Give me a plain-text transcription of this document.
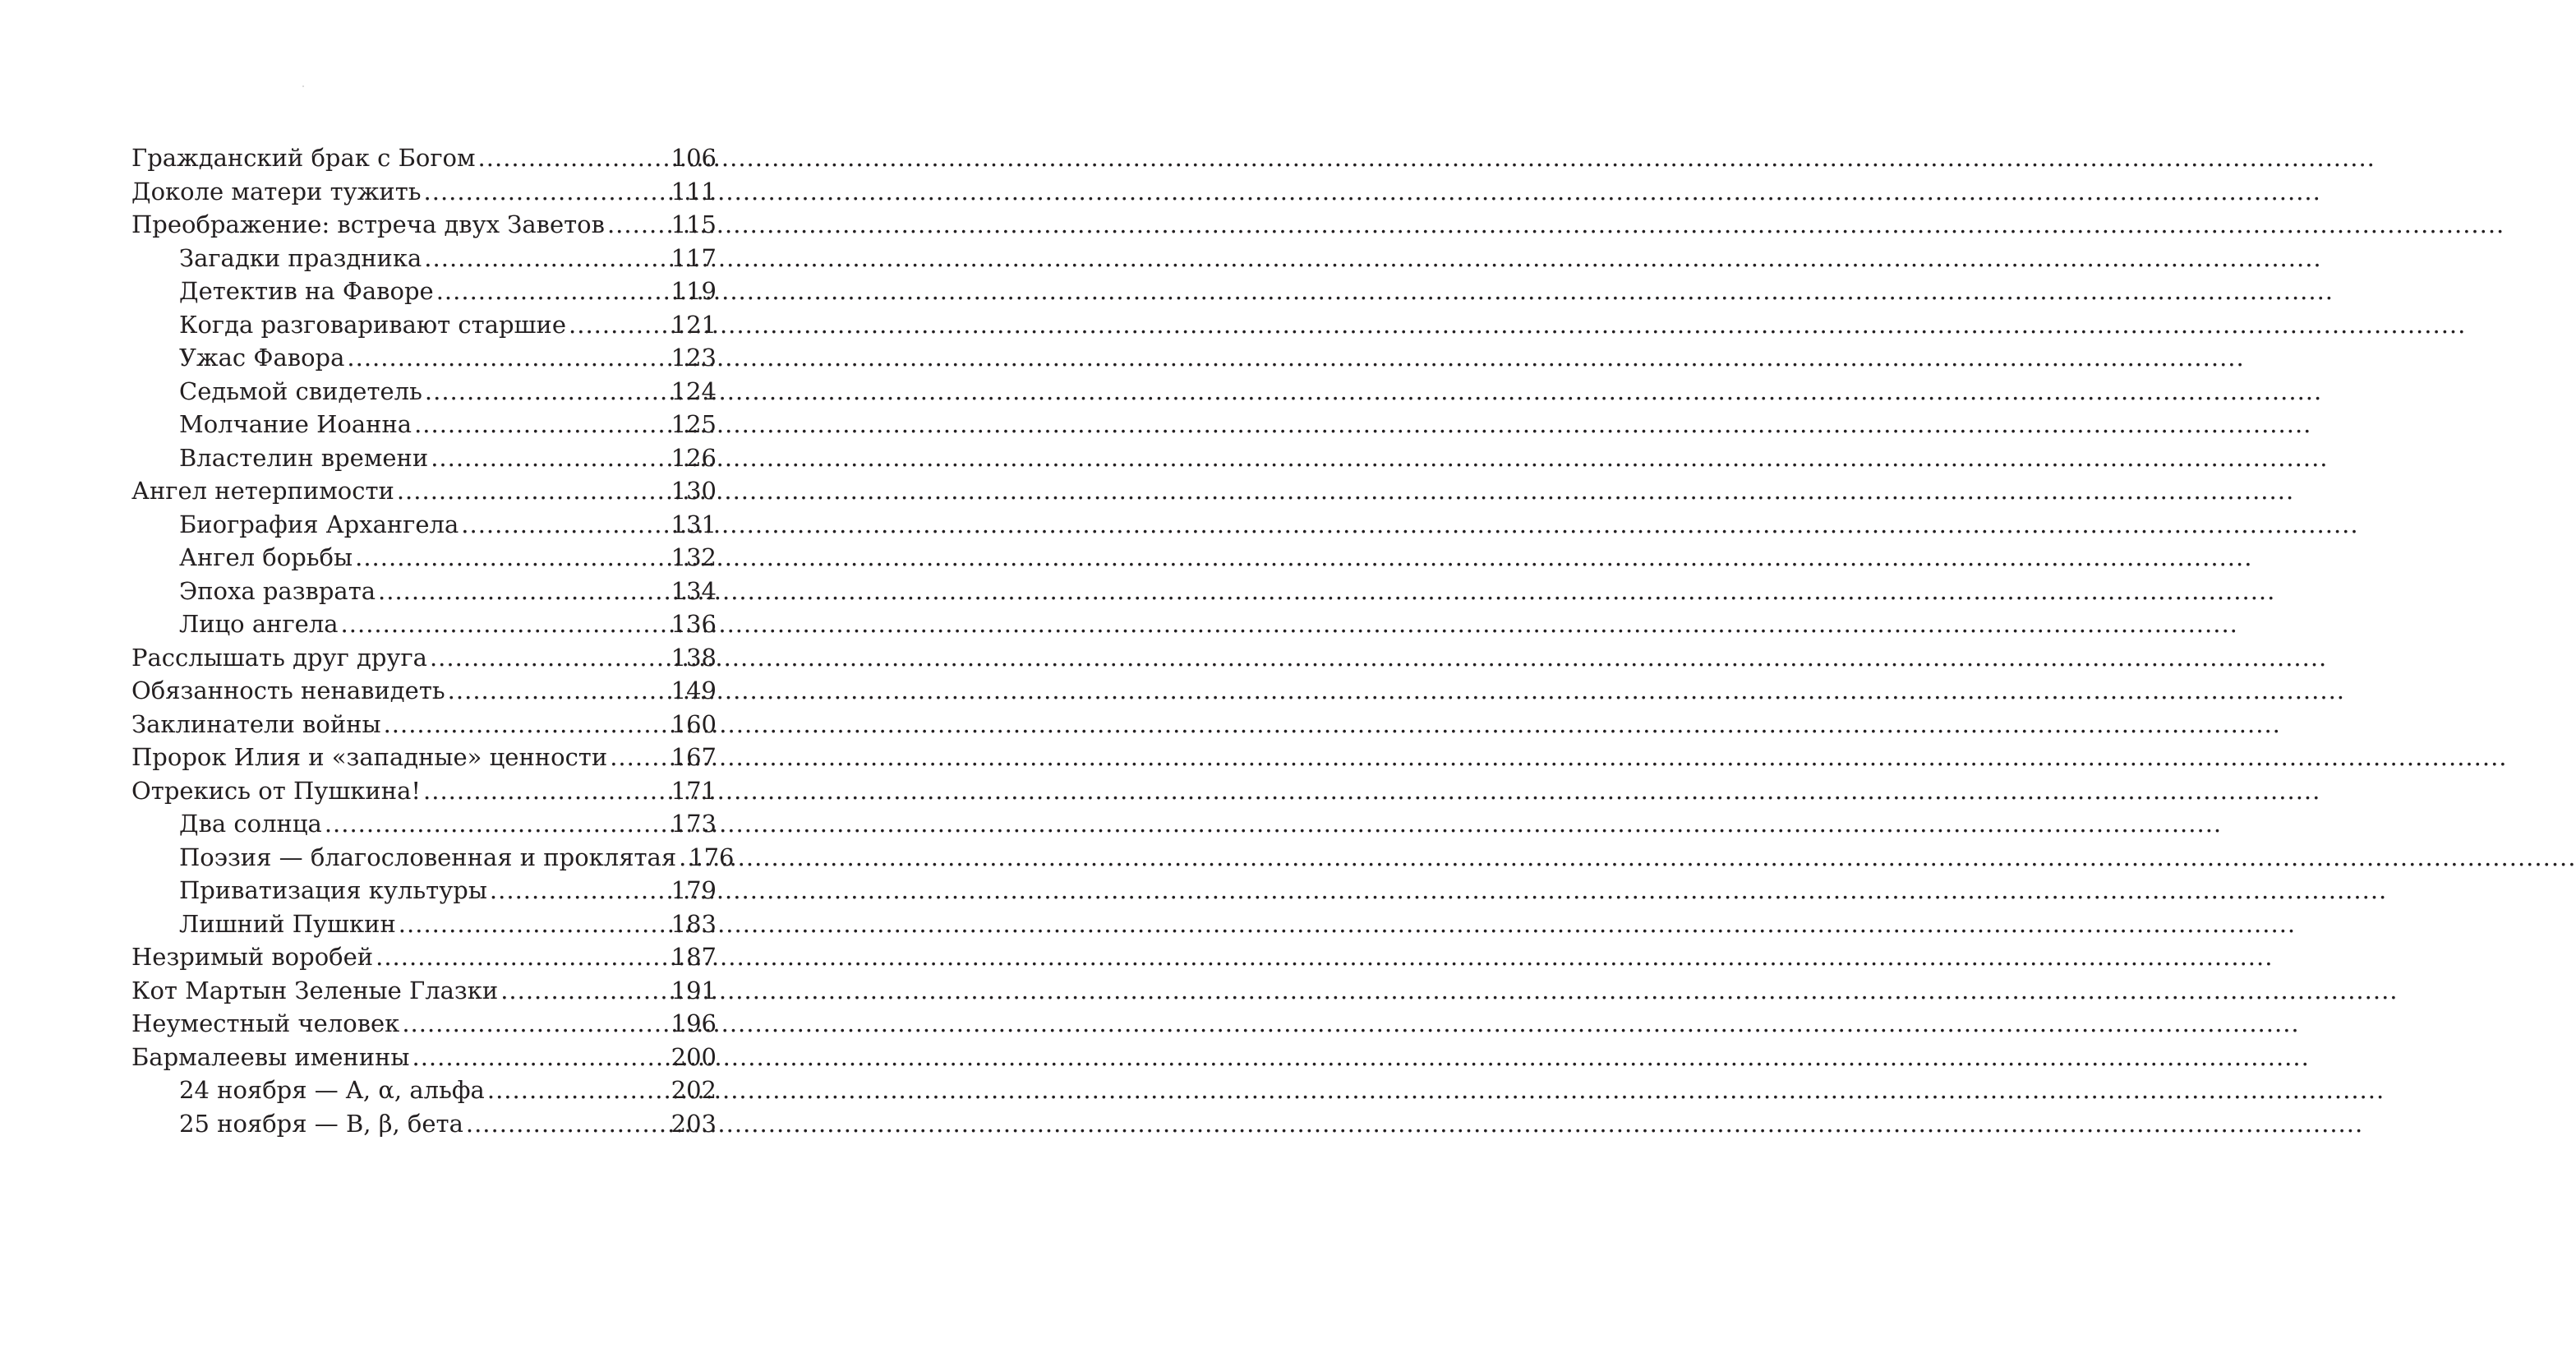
Гражданский брак с Богом .....	106
Доколе матери тужить .....	111
Преображение: встреча двух Заветов .....	115
Загадки праздника .....	117
Детектив на Фаворе .....	119
Когда разговаривают старшие .....	121
Ужас Фавора .....	123
Седьмой свидетель .....	124
Молчание Иоанна .....	125
Властелин времени .....	126
Ангел нетерпимости .....	130
Биография Архангела .....	131
Ангел борьбы .....	132
Эпоха разврата .....	134
Лицо ангела .....	136
Расслышать друг друга .....	138
Обязанность ненавидеть .....	149
Заклинатели войны .....	160
Пророк Илия и «западные» ценности .....	167
Отрекись от Пушкина! .....	171
Два солнца .....	173
Поэзия — благословенная и проклятая ..... 176
Приватизация культуры .....	179
Лишний Пушкин .....	183
Незримый воробей .....	187
Кот Мартын Зеленые Глазки .....	191
Неуместный человек .....	196
Бармалеевы именины .....	200
24 ноября — A, α, альфа .....	202
25 ноября — B, β, бета .....	203
